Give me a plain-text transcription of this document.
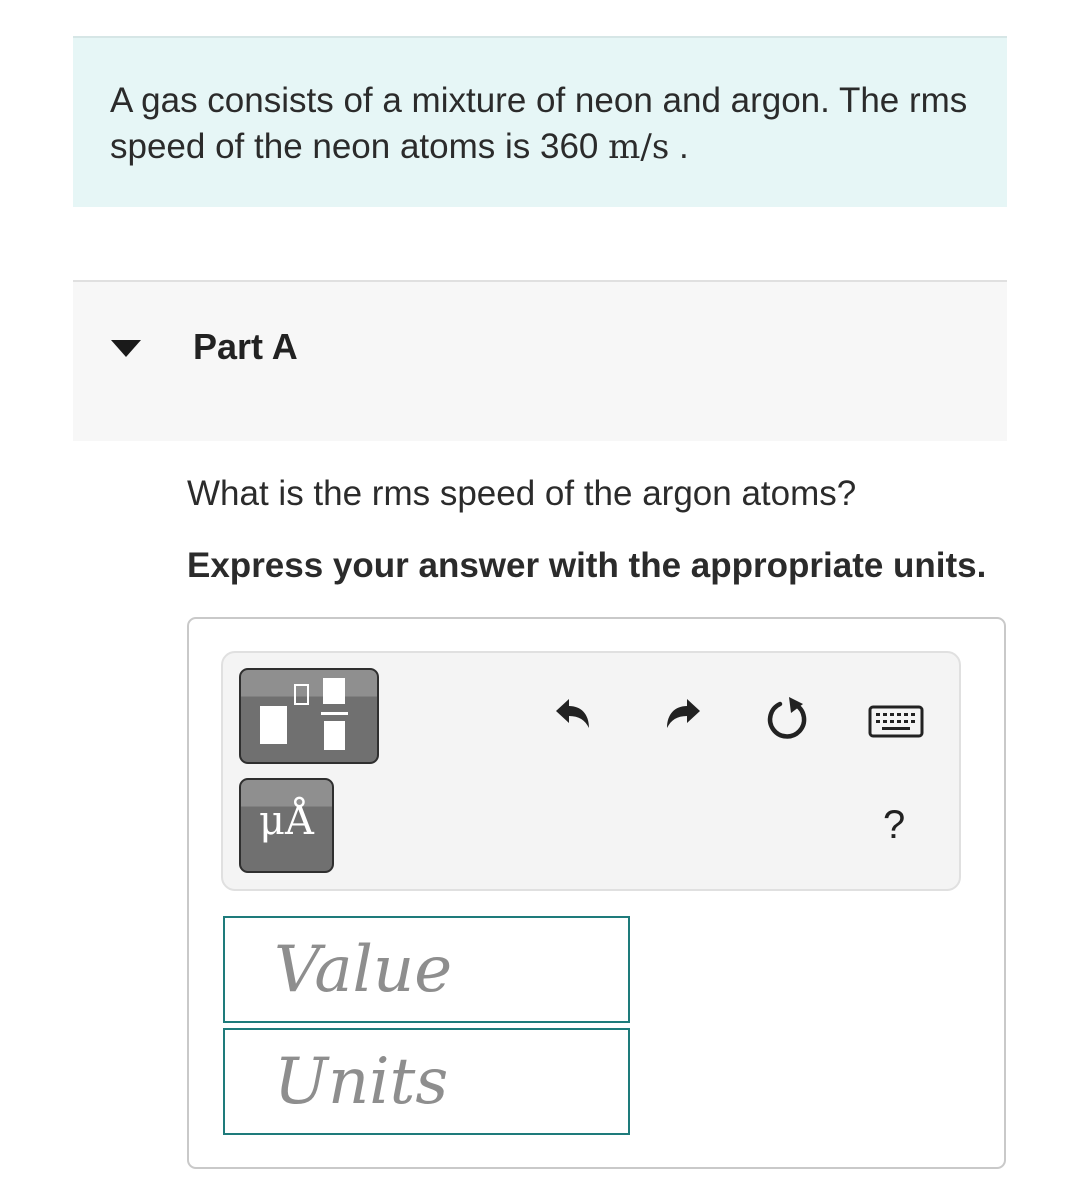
A gas consists of a mixture of neon and argon. The rms speed of the neon atoms is 360 m/s .
Part A
What is the rms speed of the argon atoms?
Express your answer with the appropriate units.
μÅ	?
Value
Units
